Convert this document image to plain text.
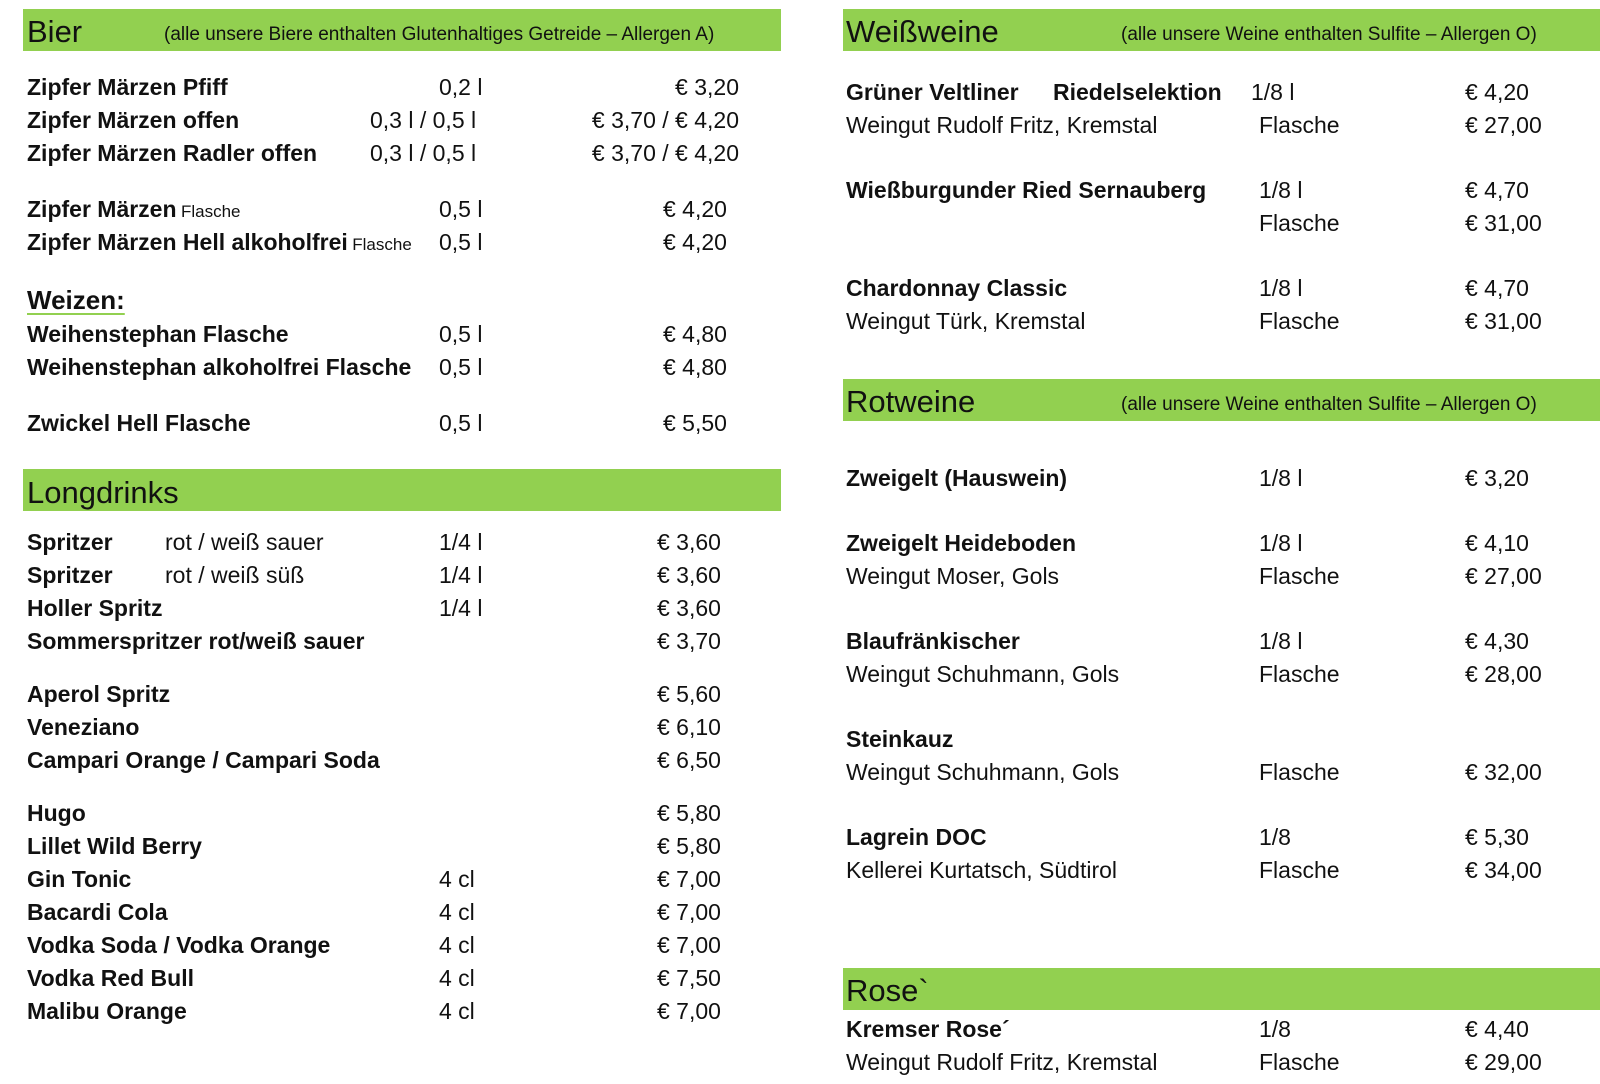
Bier	(alle unsere Biere enthalten Glutenhaltiges Getreide – Allergen A)
Zipfer Märzen Pfiff	0,2 l	€ 3,20
Zipfer Märzen offen	0,3 l / 0,5 l	€ 3,70 / € 4,20
Zipfer Märzen Radler offen 0,3 l / 0,5 l	€ 3,70 / € 4,20
Zipfer Märzen Flasche	0,5 l	€ 4,20
Zipfer Märzen Hell alkoholfrei Flasche 0,5 l	€ 4,20
Weizen:
Weihenstephan Flasche	0,5 l	€ 4,80
Weihenstephan alkoholfrei Flasche 0,5 l	€ 4,80
Zwickel Hell Flasche	0,5 l	€ 5,50
Longdrinks
Spritzer rot / weiß sauer	1/4 l	€ 3,60
Spritzer rot / weiß süß	1/4 l	€ 3,60
Holler Spritz	1/4 l	€ 3,60
Sommerspritzer rot/weiß sauer	€ 3,70
Aperol Spritz	€ 5,60
Veneziano	€ 6,10
Campari Orange / Campari Soda	€ 6,50
Hugo	€ 5,80
Lillet Wild Berry	€ 5,80
Gin Tonic	4 cl	€ 7,00
Bacardi Cola	4 cl	€ 7,00
Vodka Soda / Vodka Orange	4 cl	€ 7,00
Vodka Red Bull	4 cl	€ 7,50
Malibu Orange	4 cl	€ 7,00
Weißweine	(alle unsere Weine enthalten Sulfite – Allergen O)
Grüner Veltliner Riedelselektion 1/8 l	€ 4,20
Weingut Rudolf Fritz, Kremstal	Flasche	€ 27,00
Wießburgunder Ried Sernauberg 1/8 l	€ 4,70
Flasche	€ 31,00
Chardonnay Classic	1/8 l	€ 4,70
Weingut Türk, Kremstal	Flasche	€ 31,00
Rotweine	(alle unsere Weine enthalten Sulfite – Allergen O)
Zweigelt (Hauswein)	1/8 l	€ 3,20
Zweigelt Heideboden	1/8 l	€ 4,10
Weingut Moser, Gols	Flasche	€ 27,00
Blaufränkischer	1/8 l	€ 4,30
Weingut Schuhmann, Gols	Flasche	€ 28,00
Steinkauz
Weingut Schuhmann, Gols	Flasche	€ 32,00
Lagrein DOC	1/8	€ 5,30
Kellerei Kurtatsch, Südtirol	Flasche	€ 34,00
Rose`
Kremser Rose´	1/8	€ 4,40
Weingut Rudolf Fritz, Kremstal	Flasche	€ 29,00
